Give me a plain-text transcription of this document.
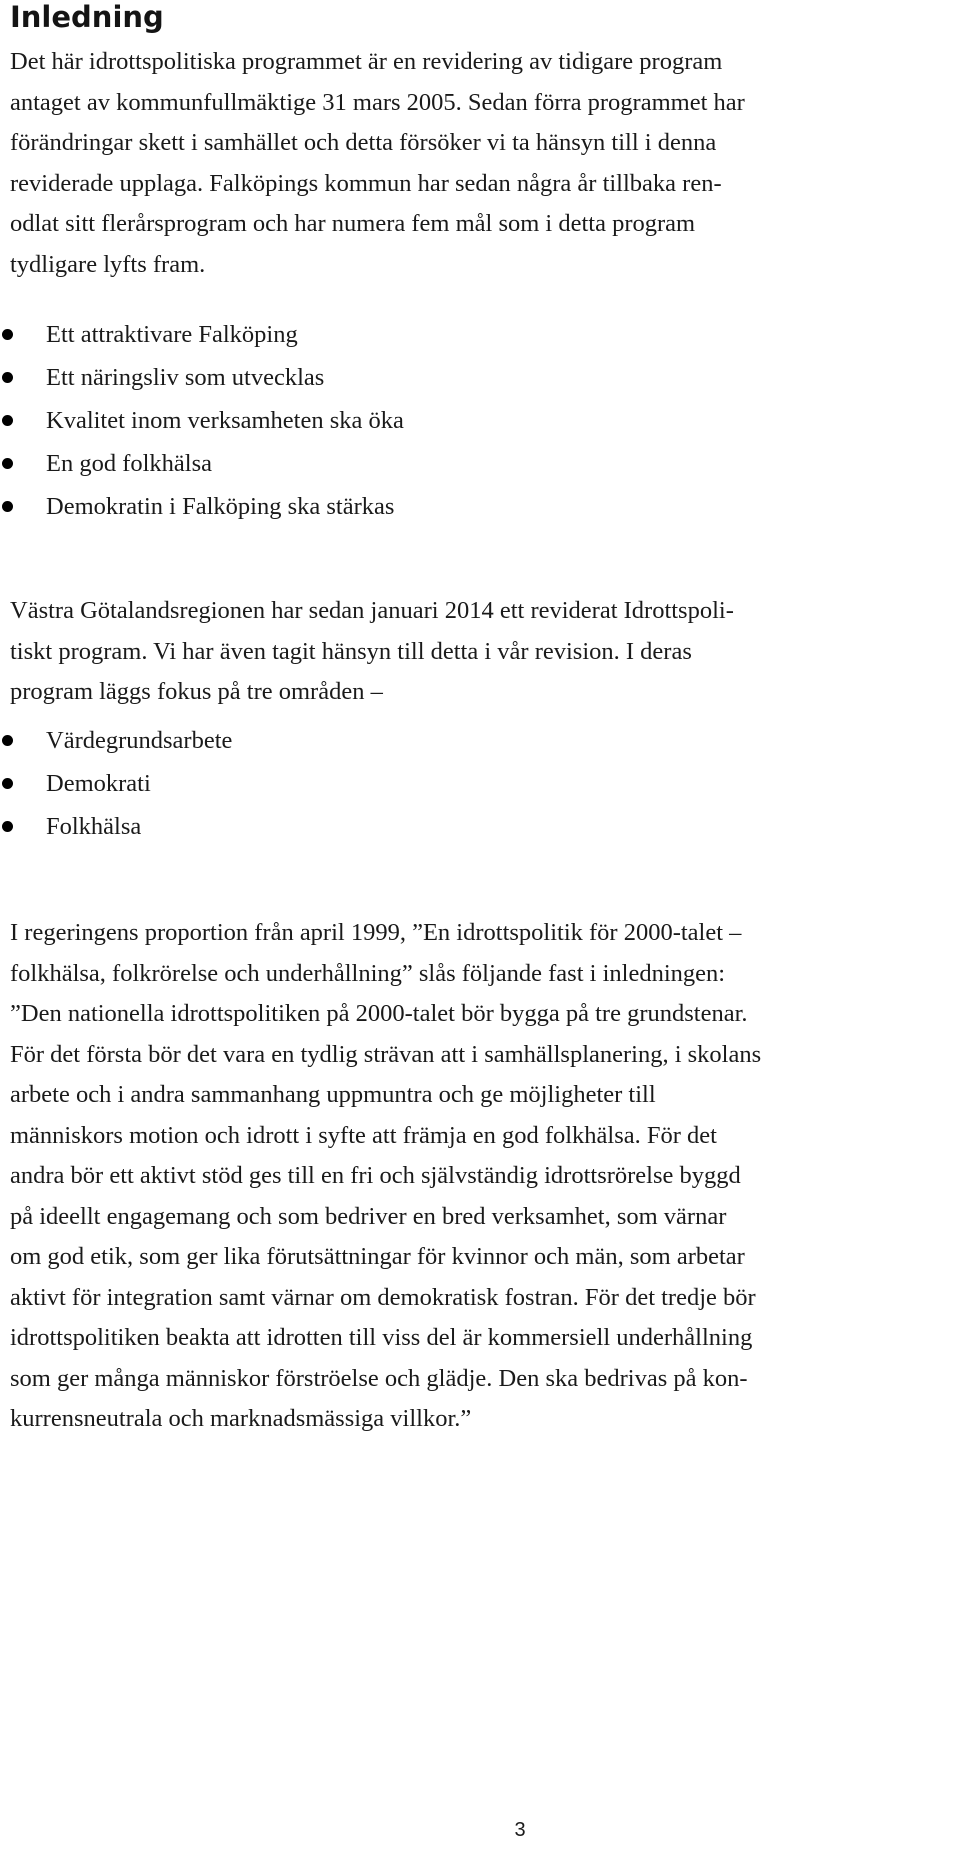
Inledning

Det här idrottspolitiska programmet är en revidering av tidigare program
antaget av kommunfullmäktige 31 mars 2005. Sedan förra programmet har
förändringar skett i samhället och detta försöker vi ta hänsyn till i denna
reviderade upplaga. Falköpings kommun har sedan några år tillbaka ren-
odlat sitt flerårsprogram och har numera fem mål som i detta program
tydligare lyfts fram.

Ett attraktivare Falköping
Ett näringsliv som utvecklas
Kvalitet inom verksamheten ska öka
En god folkhälsa
Demokratin i Falköping ska stärkas

Västra Götalandsregionen har sedan januari 2014 ett reviderat Idrottspoli-
tiskt program. Vi har även tagit hänsyn till detta i vår revision. I deras
program läggs fokus på tre områden –

Värdegrundsarbete
Demokrati
Folkhälsa

I regeringens proportion från april 1999, ”En idrottspolitik för 2000-talet –
folkhälsa, folkrörelse och underhållning” slås följande fast i inledningen:
”Den nationella idrottspolitiken på 2000-talet bör bygga på tre grundstenar.
För det första bör det vara en tydlig strävan att i samhällsplanering, i skolans
arbete och i andra sammanhang uppmuntra och ge möjligheter till
människors motion och idrott i syfte att främja en god folkhälsa. För det
andra bör ett aktivt stöd ges till en fri och självständig idrottsrörelse byggd
på ideellt engagemang och som bedriver en bred verksamhet, som värnar
om god etik, som ger lika förutsättningar för kvinnor och män, som arbetar
aktivt för integration samt värnar om demokratisk fostran. För det tredje bör
idrottspolitiken beakta att idrotten till viss del är kommersiell underhållning
som ger många människor förströelse och glädje. Den ska bedrivas på kon-
kurrensneutrala och marknadsmässiga villkor.”

3
